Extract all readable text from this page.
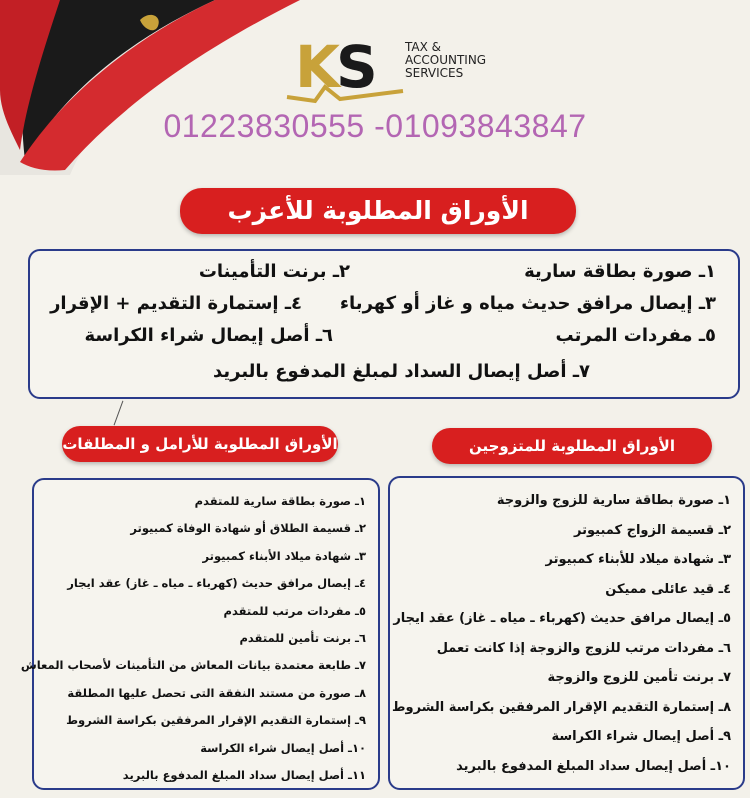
KS	TAX &
ACCOUNTING
SERVICES
01223830555 -01093843847
الأوراق المطلوبة للأعزب
١ـ صورة بطاقة سارية
٢ـ برنت التأمينات
٣ـ إيصال مرافق حديث مياه و غاز أو كهرباء
٤ـ إستمارة التقديم + الإقرار
٥ـ مفردات المرتب
٦ـ أصل إيصال شراء الكراسة
٧ـ أصل إيصال السداد لمبلغ المدفوع بالبريد
الأوراق المطلوبة للمتزوجين
١ـ صورة بطاقة سارية للزوج والزوجة
٢ـ قسيمة الزواج كمبيوتر
٣ـ شهادة ميلاد للأبناء كمبيوتر
٤ـ قيد عائلى مميكن
٥ـ إيصال مرافق حديث (كهرباء ـ مياه ـ غاز) عقد ايجار
٦ـ مفردات مرتب للزوج والزوجة إذا كانت تعمل
٧ـ برنت تأمين للزوج والزوجة
٨ـ إستمارة التقديم الإقرار المرفقين بكراسة الشروط
٩ـ أصل إيصال شراء الكراسة
١٠ـ أصل إيصال سداد المبلغ المدفوع بالبريد
الأوراق المطلوبة للأرامل و المطلقات
١ـ صورة بطاقة سارية للمتقدم
٢ـ قسيمة الطلاق أو شهادة الوفاة كمبيوتر
٣ـ شهادة ميلاد الأبناء كمبيوتر
٤ـ إيصال مرافق حديث (كهرباء ـ مياه ـ غاز) عقد ايجار
٥ـ مفردات مرتب للمتقدم
٦ـ برنت تأمين للمتقدم
٧ـ طابعة معتمدة بيانات المعاش من التأمينات لأصحاب المعاش
٨ـ صورة من مستند النفقة التى تحصل عليها المطلقة
٩ـ إستمارة التقديم الإقرار المرفقين بكراسة الشروط
١٠ـ أصل إيصال شراء الكراسة
١١ـ أصل إيصال سداد المبلغ المدفوع بالبريد
